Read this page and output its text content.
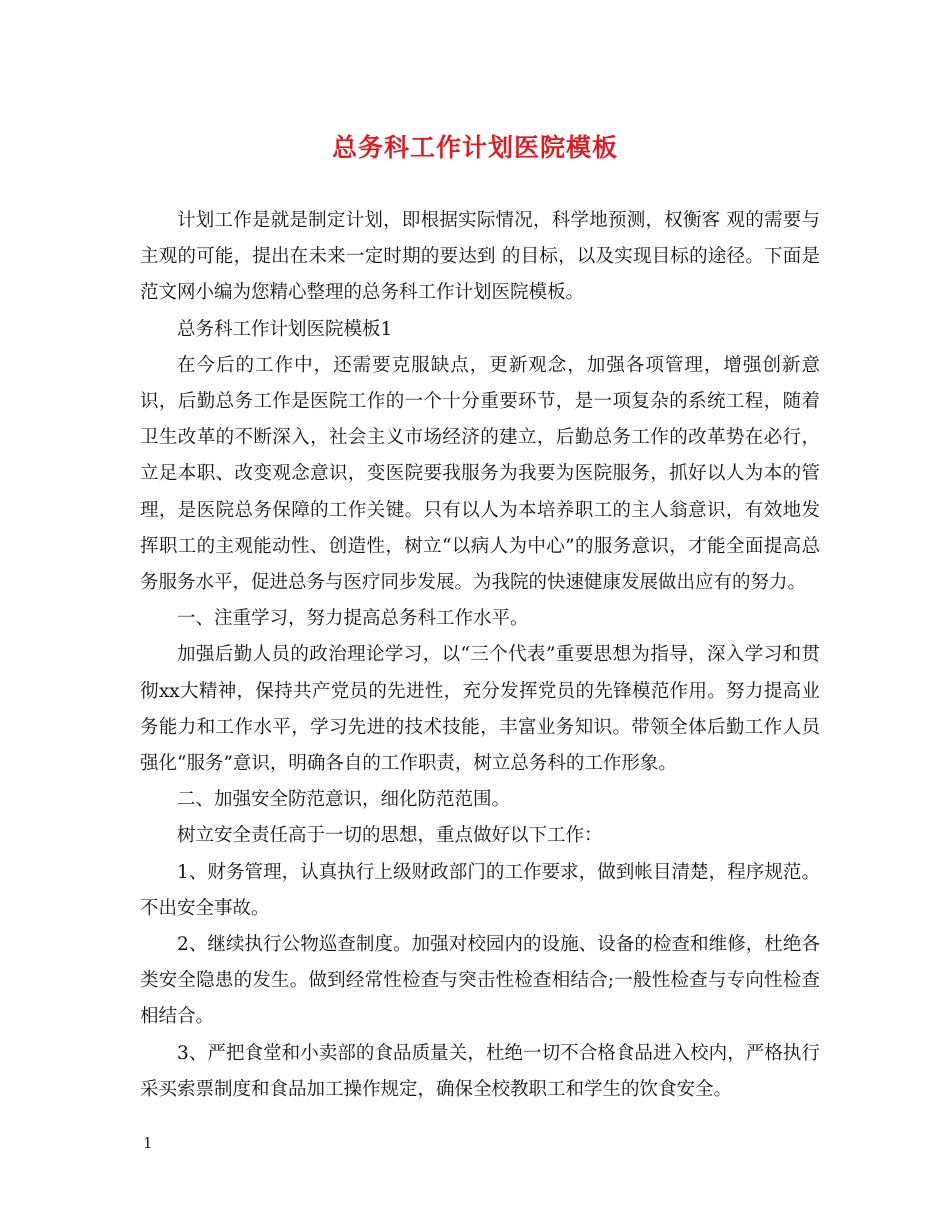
总务科工作计划医院模板

计划工作是就是制定计划，即根据实际情况，科学地预测，权衡客 观的需要与主观的可能，提出在未来一定时期的要达到 的目标，以及实现目标的途径。下面是范文网小编为您精心整理的总务科工作计划医院模板。

总务科工作计划医院模板1

在今后的工作中，还需要克服缺点，更新观念，加强各项管理，增强创新意识，后勤总务工作是医院工作的一个十分重要环节，是一项复杂的系统工程，随着卫生改革的不断深入，社会主义市场经济的建立，后勤总务工作的改革势在必行，立足本职、改变观念意识，变医院要我服务为我要为医院服务，抓好以人为本的管理，是医院总务保障的工作关键。只有以人为本培养职工的主人翁意识，有效地发挥职工的主观能动性、创造性，树立“以病人为中心”的服务意识，才能全面提高总务服务水平，促进总务与医疗同步发展。为我院的快速健康发展做出应有的努力。

一、注重学习，努力提高总务科工作水平。

加强后勤人员的政治理论学习，以“三个代表”重要思想为指导，深入学习和贯彻xx大精神，保持共产党员的先进性，充分发挥党员的先锋模范作用。努力提高业务能力和工作水平，学习先进的技术技能，丰富业务知识。带领全体后勤工作人员强化“服务”意识，明确各自的工作职责，树立总务科的工作形象。

二、加强安全防范意识，细化防范范围。

树立安全责任高于一切的思想，重点做好以下工作：

1、财务管理，认真执行上级财政部门的工作要求，做到帐目清楚，程序规范。不出安全事故。

2、继续执行公物巡查制度。加强对校园内的设施、设备的检查和维修，杜绝各类安全隐患的发生。做到经常性检查与突击性检查相结合;一般性检查与专向性检查相结合。

3、严把食堂和小卖部的食品质量关，杜绝一切不合格食品进入校内，严格执行采买索票制度和食品加工操作规定，确保全校教职工和学生的饮食安全。

1
